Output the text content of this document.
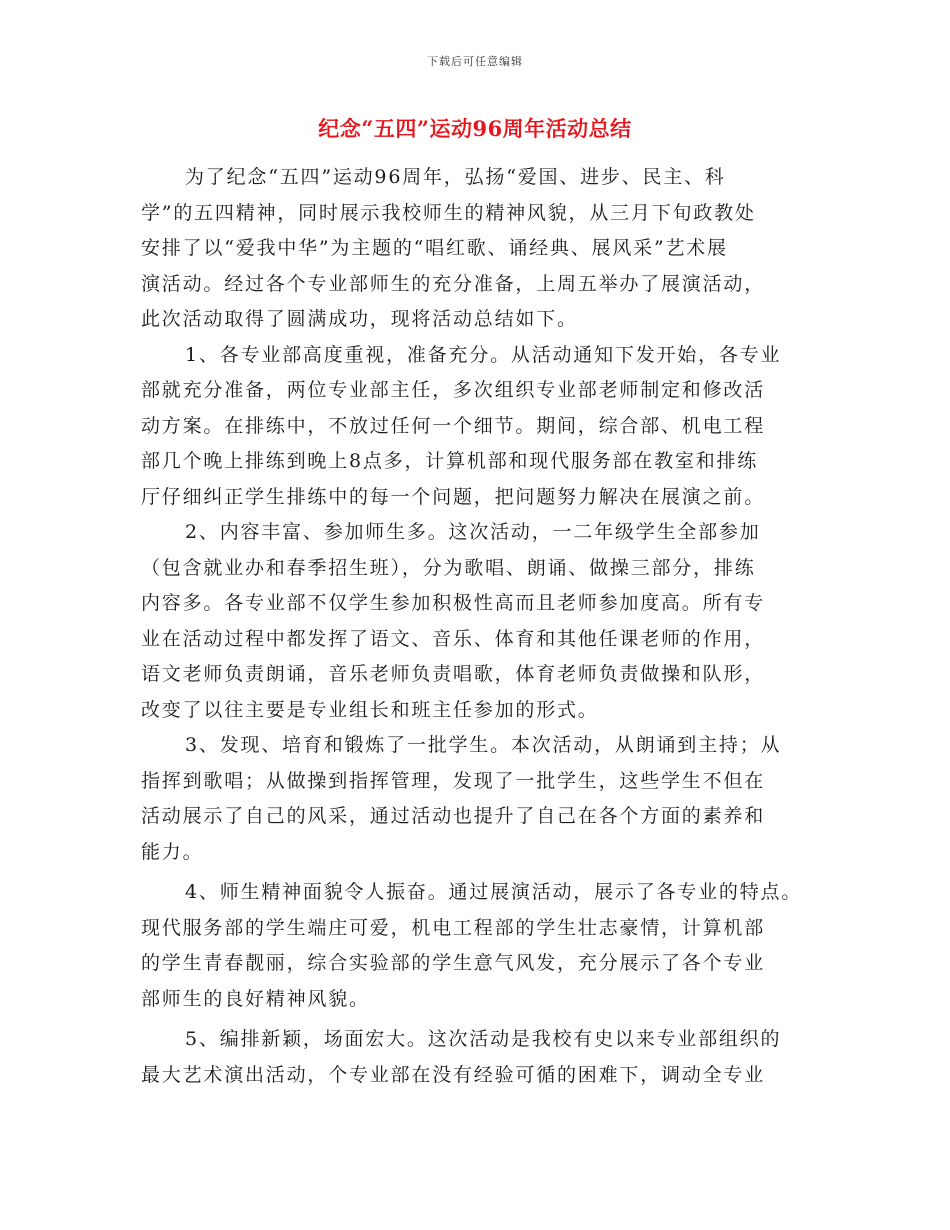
下载后可任意编辑
纪念“五四”运动96周年活动总结
为了纪念“五四”运动96周年，弘扬“爱国、进步、民主、科
学”的五四精神，同时展示我校师生的精神风貌，从三月下旬政教处
安排了以“爱我中华”为主题的“唱红歌、诵经典、展风采”艺术展
演活动。经过各个专业部师生的充分准备，上周五举办了展演活动，
此次活动取得了圆满成功，现将活动总结如下。
1、各专业部高度重视，准备充分。从活动通知下发开始，各专业
部就充分准备，两位专业部主任，多次组织专业部老师制定和修改活
动方案。在排练中，不放过任何一个细节。期间，综合部、机电工程
部几个晚上排练到晚上8点多，计算机部和现代服务部在教室和排练
厅仔细纠正学生排练中的每一个问题，把问题努力解决在展演之前。
2、内容丰富、参加师生多。这次活动，一二年级学生全部参加
（包含就业办和春季招生班），分为歌唱、朗诵、做操三部分，排练
内容多。各专业部不仅学生参加积极性高而且老师参加度高。所有专
业在活动过程中都发挥了语文、音乐、体育和其他任课老师的作用，
语文老师负责朗诵，音乐老师负责唱歌，体育老师负责做操和队形，
改变了以往主要是专业组长和班主任参加的形式。
3、发现、培育和锻炼了一批学生。本次活动，从朗诵到主持；从
指挥到歌唱；从做操到指挥管理，发现了一批学生，这些学生不但在
活动展示了自己的风采，通过活动也提升了自己在各个方面的素养和
能力。
4、师生精神面貌令人振奋。通过展演活动，展示了各专业的特点。
现代服务部的学生端庄可爱，机电工程部的学生壮志豪情，计算机部
的学生青春靓丽，综合实验部的学生意气风发，充分展示了各个专业
部师生的良好精神风貌。
5、编排新颖，场面宏大。这次活动是我校有史以来专业部组织的
最大艺术演出活动，个专业部在没有经验可循的困难下，调动全专业
